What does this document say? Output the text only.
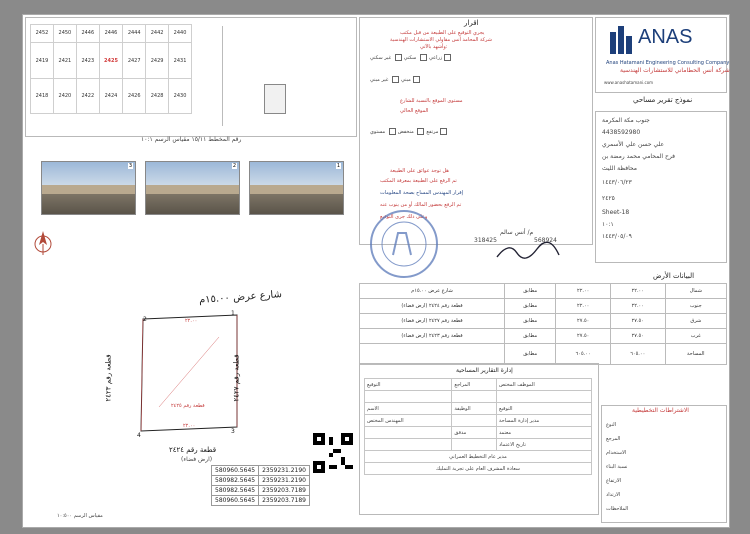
2452	2450	2446	2446	2444	2442	2440
2419	2421	2423	2425	2427	2429	2431
2418	2420	2422	2424	2426	2428	2430
رقم المخطط ١٥/١١ مقياس الرسم ١٠:١
3	2	1
شارع عرض ١٥.٠٠م
1
2
3
4
٢٢.٠٠
٢٢.٠٠
قطعة رقم ٢٤٢٥
قطعة رقم ٢٤٢٣
قطعة رقم ٢٤٢٧
قطعة رقم ٢٤٢٤
(ارض فضاء)
580960.5645	2359231.2190
580982.5645	2359231.2190
580982.5645	2359203.7189
580960.5645	2359203.7189
اقرار
يجري التوقيع على الطبيعة من قبل مكتب
شركة المحامد أنس مقاولي الاستشارات الهندسية
وأشهد بالآتي:
زراعي سكني غير سكني
مبني غير مبني
مستوى الموقع بالنسبة للشارع
الموقع الحالي
مرتفع منخفض مستوي
هل توجد عوائق على الطبيعة
تم الرفع على الطبيعة بمعرفة المكتب
إقرار المهندس المساح بصحة المعلومات
تم الرفع بحضور المالك أو من ينوب عنه
وعلى ذلك جرى التوقيع
م/ أنس سالم
318425	568924
البيانات الأرض
شارع عرض ١٥.٠٠م	مطابق	٢٢.٠٠	٢٢.٠٠	شمال
قطعة رقم ٢٤٢٤ (ارض فضاء)	مطابق	٢٢.٠٠	٢٢.٠٠	جنوب
قطعة رقم ٢٤٢٧ (ارض فضاء)	مطابق	٢٧.٥٠	٢٧.٥٠	شرق
قطعة رقم ٢٤٢٣ (ارض فضاء)	مطابق	٢٧.٥٠	٢٧.٥٠	غرب
	مطابق	٦٠٥.٠٠	٦٠٥.٠٠	المساحة
إدارة التقارير المساحية
التوقيع	المراجع	الموظف المختص

الاسم	الوظيفة	التوقيع
المهندس المختص		مدير إدارة المساحة
	مدقق	معتمد
		تاريخ الاعتماد
مدير عام التخطيط العمراني		
سعادة المشرف العام على تجربة التمليك		
ANAS
Anas Hatamani Engineering Consulting Company
شركة أنس الحطاماني للاستشارات الهندسية
www.anashatamani.com
نموذج تقرير مساحي
جنوب مكة المكرمة
4438592980
علي حسن علي الأسمري
فرح المحامي محمد رمضة بن
محافظة الليث
١٤٤٣/٠٦/٢٣
٢٤٢٥
Sheet-18
١٠:١
١٤٤٣/٠٥/٠٩
الاشتراطات التخطيطية
النوع
المرجع
الاستخدام
نسبة البناء
الارتفاع
الارتداد
الملاحظات
مقياس الرسم ١٠:٥٠٠
